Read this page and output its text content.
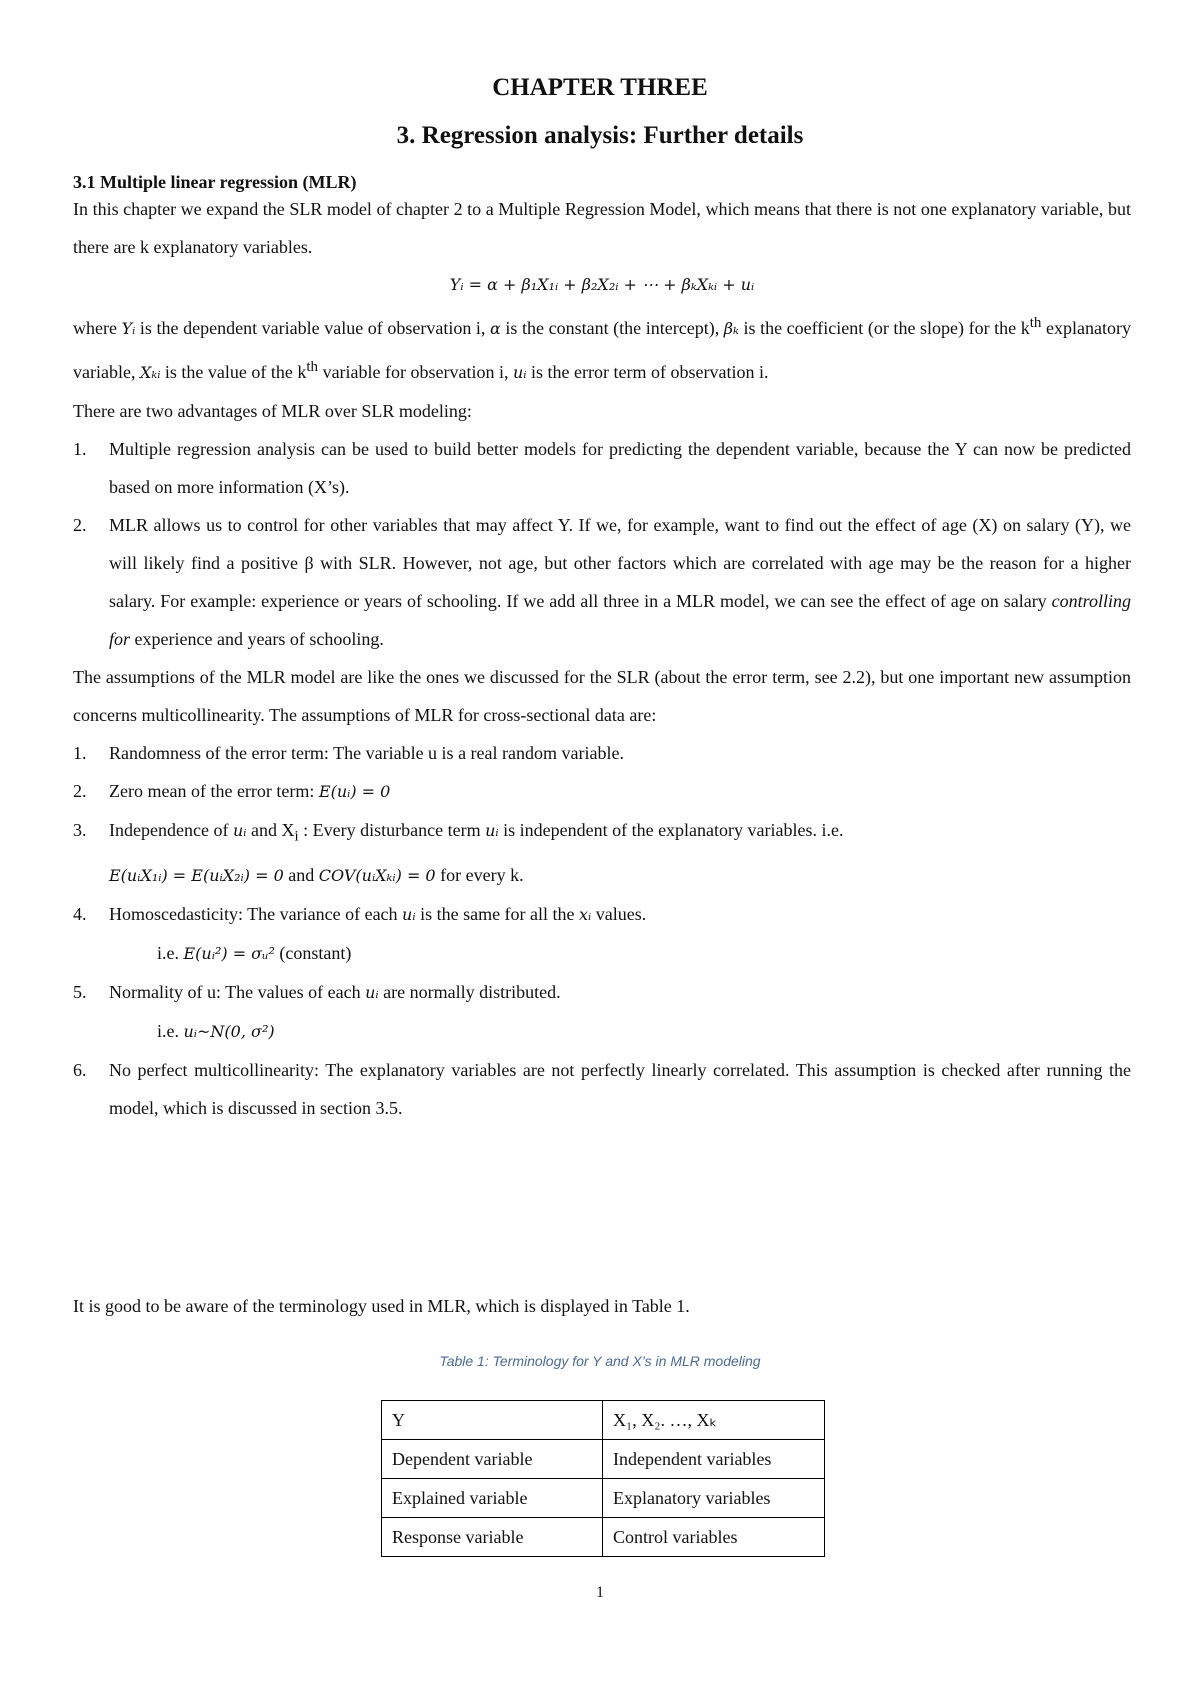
CHAPTER THREE
3. Regression analysis: Further details
3.1 Multiple linear regression (MLR)

In this chapter we expand the SLR model of chapter 2 to a Multiple Regression Model, which means that there is not one explanatory variable, but there are k explanatory variables.

Yᵢ = α + β₁X₁ᵢ + β₂X₂ᵢ + ⋯ + βₖXₖᵢ + uᵢ

where Yᵢ is the dependent variable value of observation i, α is the constant (the intercept), βₖ is the coefficient (or the slope) for the $k^{th}$ explanatory variable, Xₖᵢ is the value of the $k^{th}$ variable for observation i, uᵢ is the error term of observation i.

There are two advantages of MLR over SLR modeling:

1. Multiple regression analysis can be used to build better models for predicting the dependent variable, because the Y can now be predicted based on more information (X’s).
2. MLR allows us to control for other variables that may affect Y. If we, for example, want to find out the effect of age (X) on salary (Y), we will likely find a positive β with SLR. However, not age, but other factors which are correlated with age may be the reason for a higher salary. For example: experience or years of schooling. If we add all three in a MLR model, we can see the effect of age on salary controlling for experience and years of schooling.

The assumptions of the MLR model are like the ones we discussed for the SLR (about the error term, see 2.2), but one important new assumption concerns multicollinearity. The assumptions of MLR for cross-sectional data are:

1. Randomness of the error term: The variable u is a real random variable.
2. Zero mean of the error term: E(uᵢ) = 0
3. Independence of uᵢ and $X_i$ : Every disturbance term uᵢ is independent of the explanatory variables. i.e.
E(uᵢX₁ᵢ) = E(uᵢX₂ᵢ) = 0 and COV(uᵢXₖᵢ) = 0 for every k.
4. Homoscedasticity: The variance of each uᵢ is the same for all the xᵢ values.
i.e. E(uᵢ²) = σᵤ² (constant)
5. Normality of u: The values of each uᵢ are normally distributed.
i.e. uᵢ~N(0, σ²)
6. No perfect multicollinearity: The explanatory variables are not perfectly linearly correlated. This assumption is checked after running the model, which is discussed in section 3.5.
It is good to be aware of the terminology used in MLR, which is displayed in Table 1.
Table 1: Terminology for Y and X’s in MLR modeling
Y	X₁, X₂. …, Xₖ
Dependent variable	Independent variables
Explained variable	Explanatory variables
Response variable	Control variables
1
